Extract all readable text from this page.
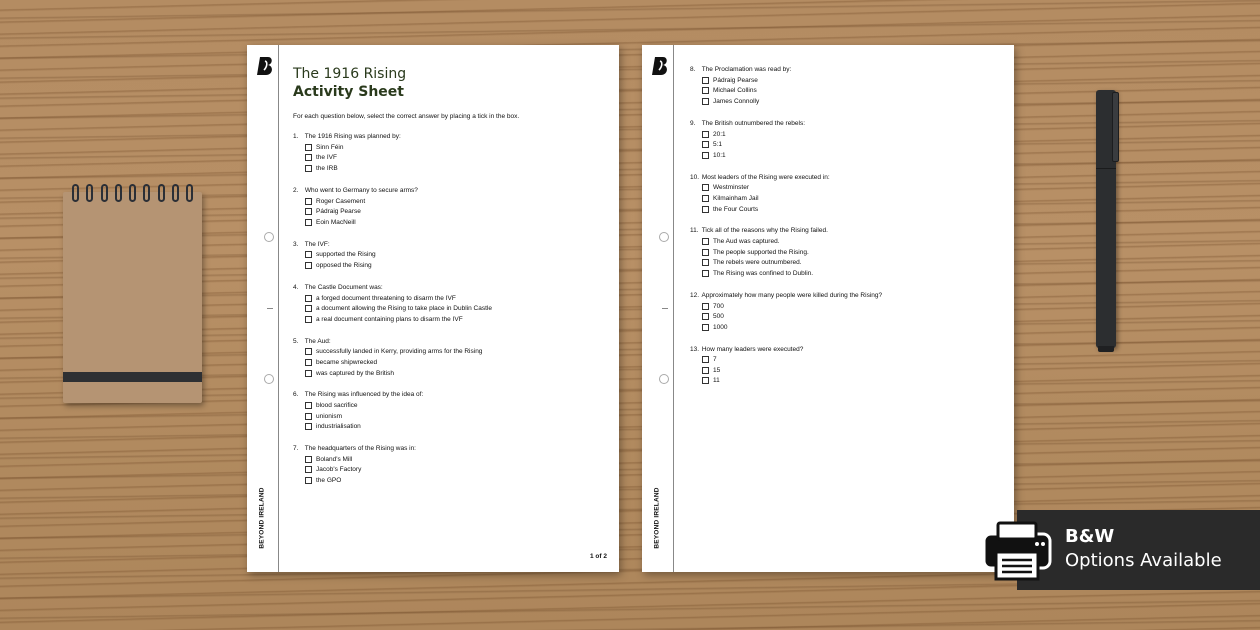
BEYOND IRELAND
The 1916 Rising
Activity Sheet
For each question below, select the correct answer by placing a tick in the box.
1. The 1916 Rising was planned by:
Sinn Féin
the IVF
the IRB
2. Who went to Germany to secure arms?
Roger Casement
Pádraig Pearse
Eoin MacNeill
3. The IVF:
supported the Rising
opposed the Rising
4. The Castle Document was:
a forged document threatening to disarm the IVF
a document allowing the Rising to take place in Dublin Castle
a real document containing plans to disarm the IVF
5. The Aud:
successfully landed in Kerry, providing arms for the Rising
became shipwrecked
was captured by the British
6. The Rising was influenced by the idea of:
blood sacrifice
unionism
industrialisation
7. The headquarters of the Rising was in:
Boland's Mill
Jacob's Factory
the GPO
1 of 2
BEYOND IRELAND
8. The Proclamation was read by:
Pádraig Pearse
Michael Collins
James Connolly
9. The British outnumbered the rebels:
20:1
5:1
10:1
10. Most leaders of the Rising were executed in:
Westminster
Kilmainham Jail
the Four Courts
11. Tick all of the reasons why the Rising failed.
The Aud was captured.
The people supported the Rising.
The rebels were outnumbered.
The Rising was confined to Dublin.
12. Approximately how many people were killed during the Rising?
700
500
1000
13. How many leaders were executed?
7
15
11
B&W
Options Available
